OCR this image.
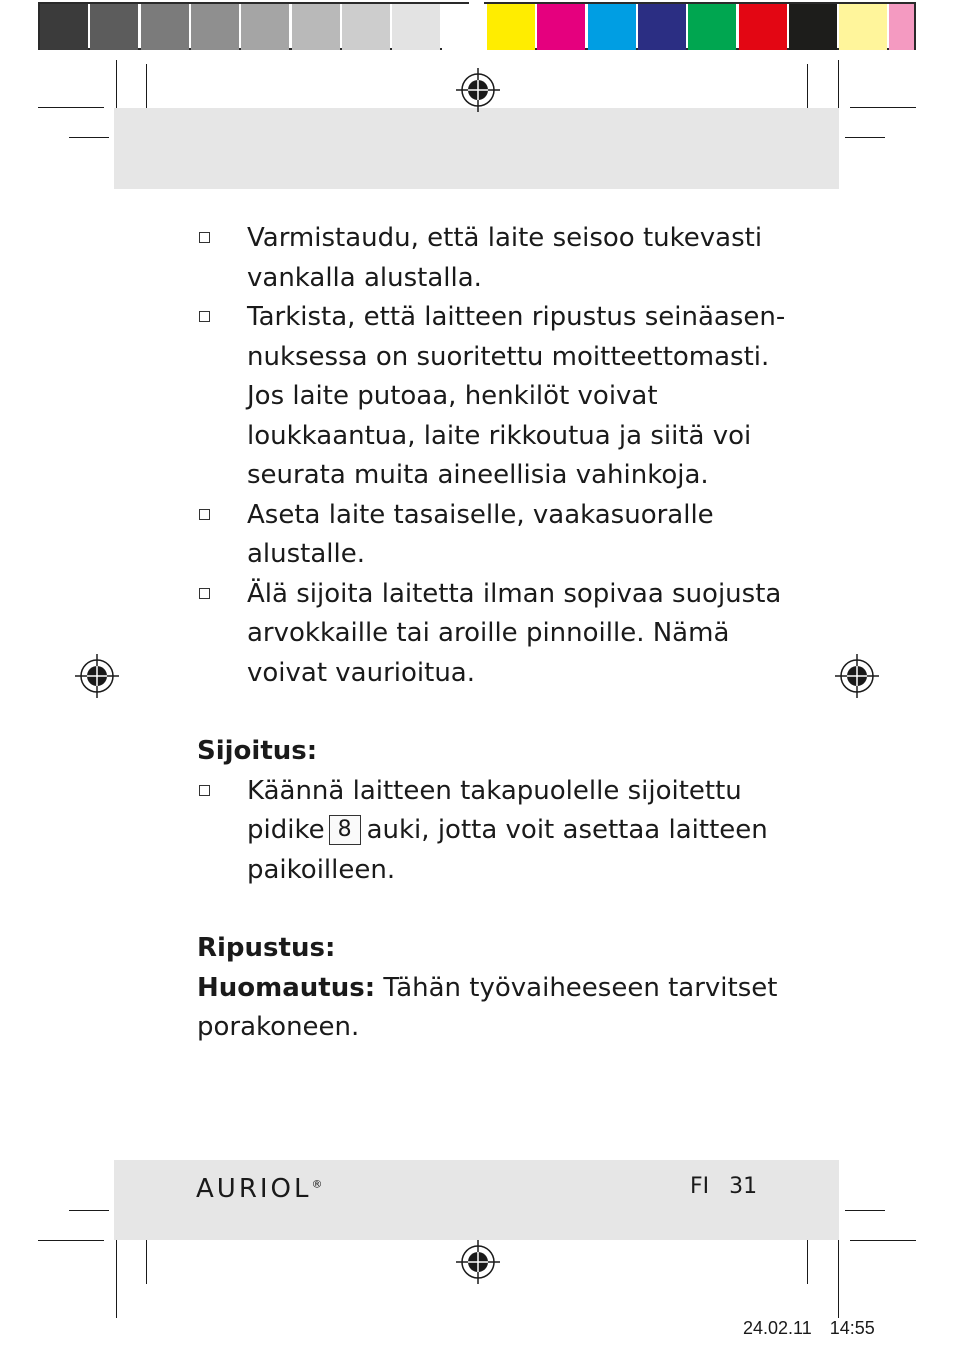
Varmistaudu, että laite seisoo tukevasti vankalla alustalla.
Tarkista, että laitteen ripustus seinäasen-nuksessa on suoritettu moitteettomasti. Jos laite putoaa, henkilöt voivat loukkaantua, laite rikkoutua ja siitä voi seurata muita aineellisia vahinkoja.
Aseta laite tasaiselle, vaakasuoralle alustalle.
Älä sijoita laitetta ilman sopivaa suojusta arvokkaille tai aroille pinnoille. Nämä voivat vaurioitua.
Sijoitus:
Käännä laitteen takapuolelle sijoitettu pidike 8 auki, jotta voit asettaa laitteen paikoilleen.
Ripustus:
Huomautus: Tähän työvaiheeseen tarvitset porakoneen.
AURIOL®	FI 31
24.02.11 14:55
